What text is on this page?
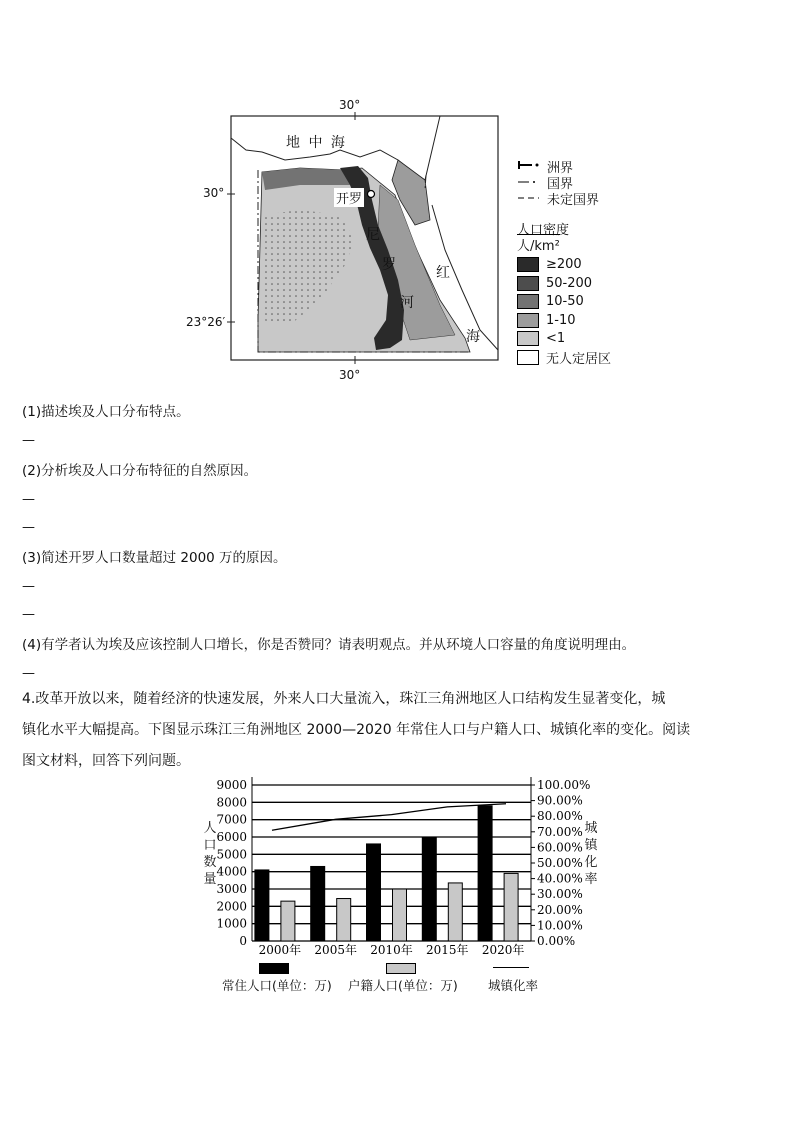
30°
30°
30°
23°26′
地 中 海
开罗
尼
罗
河
红
海
洲界
国界
未定国界
人口密度
人/km²
≥200
50-200
10-50
1-10
<1
无人定居区
(1)描述埃及人口分布特点。
—
(2)分析埃及人口分布特征的自然原因。
—
—
(3)简述开罗人口数量超过 2000 万的原因。
—
—
(4)有学者认为埃及应该控制人口增长，你是否赞同？请表明观点。并从环境人口容量的角度说明理由。
—
4.改革开放以来，随着经济的快速发展，外来人口大量流入，珠江三角洲地区人口结构发生显著变化，城
镇化水平大幅提高。下图显示珠江三角洲地区 2000—2020 年常住人口与户籍人口、城镇化率的变化。阅读
图文材料，回答下列问题。
9000
8000
7000
6000
5000
4000
3000
2000
1000
0
100.00%
90.00%
80.00%
70.00%
60.00%
50.00%
40.00%
30.00%
20.00%
10.00%
0.00%
2000年 2005年 2010年 2015年 2020年
人口数量
城镇化率
常住人口(单位：万) 户籍人口(单位：万) 城镇化率
